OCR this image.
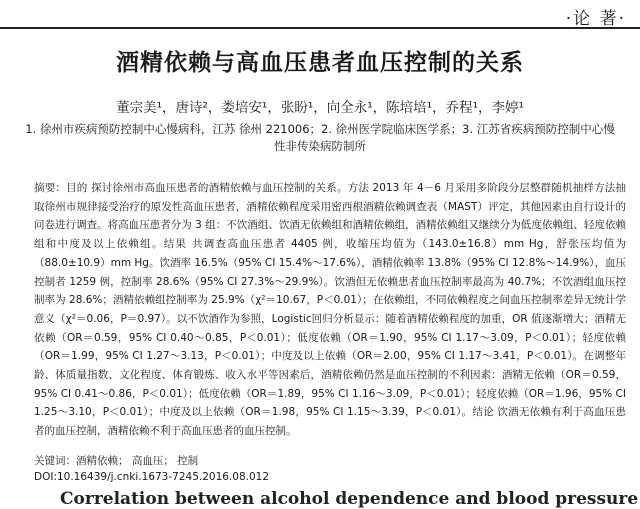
·论 著·
酒精依赖与高血压患者血压控制的关系
董宗美¹，唐诗²，娄培安¹，张盼¹，向全永¹，陈培培¹，乔程¹，李婷¹
1. 徐州市疾病预防控制中心慢病科，江苏 徐州 221006；2. 徐州医学院临床医学系；3. 江苏省疾病预防控制中心慢性非传染病防制所
摘要：目的 探讨徐州市高血压患者的酒精依赖与血压控制的关系。方法 2013 年 4－6 月采用多阶段分层整群随机抽样方法抽取徐州市规律接受治疗的原发性高血压患者，酒精依赖程度采用密西根酒精依赖调查表（MAST）评定，其他因素由自行设计的问卷进行调查。将高血压患者分为 3 组：不饮酒组、饮酒无依赖组和酒精依赖组，酒精依赖组又继续分为低度依赖组、轻度依赖组和中度及以上依赖组。结果 共调查高血压患者 4405 例，收缩压均值为（143.0±16.8）mm Hg，舒张压均值为（88.0±10.9）mm Hg。饮酒率 16.5%（95% CI 15.4%～17.6%），酒精依赖率 13.8%（95% CI 12.8%～14.9%），血压控制者 1259 例，控制率 28.6%（95% CI 27.3%～29.9%）。饮酒但无依赖患者血压控制率最高为 40.7%；不饮酒组血压控制率为 28.6%；酒精依赖组控制率为 25.9%（χ²＝10.67，P＜0.01）；在依赖组，不同依赖程度之间血压控制率差异无统计学意义（χ²＝0.06，P＝0.97）。以不饮酒作为参照，Logistic回归分析显示：随着酒精依赖程度的加重，OR 值逐渐增大；酒精无依赖（OR＝0.59，95% CI 0.40～0.85，P＜0.01）；低度依赖（OR＝1.90，95% CI 1.17～3.09，P＜0.01）；轻度依赖（OR＝1.99，95% CI 1.27～3.13，P＜0.01）；中度及以上依赖（OR＝2.00，95% CI 1.17～3.41，P＜0.01）。在调整年龄、体质量指数、文化程度、体育锻炼、收入水平等因素后，酒精依赖仍然是血压控制的不利因素：酒精无依赖（OR＝0.59，95% CI 0.41～0.86，P＜0.01）；低度依赖（OR＝1.89，95% CI 1.16～3.09，P＜0.01）；轻度依赖（OR＝1.96，95% CI 1.25～3.10，P＜0.01）；中度及以上依赖（OR＝1.98，95% CI 1.15～3.39，P＜0.01）。结论 饮酒无依赖有利于高血压患者的血压控制，酒精依赖不利于高血压患者的血压控制。
关键词：酒精依赖； 高血压； 控制
DOI:10.16439/j.cnki.1673-7245.2016.08.012
Correlation between alcohol dependence and blood pressure
